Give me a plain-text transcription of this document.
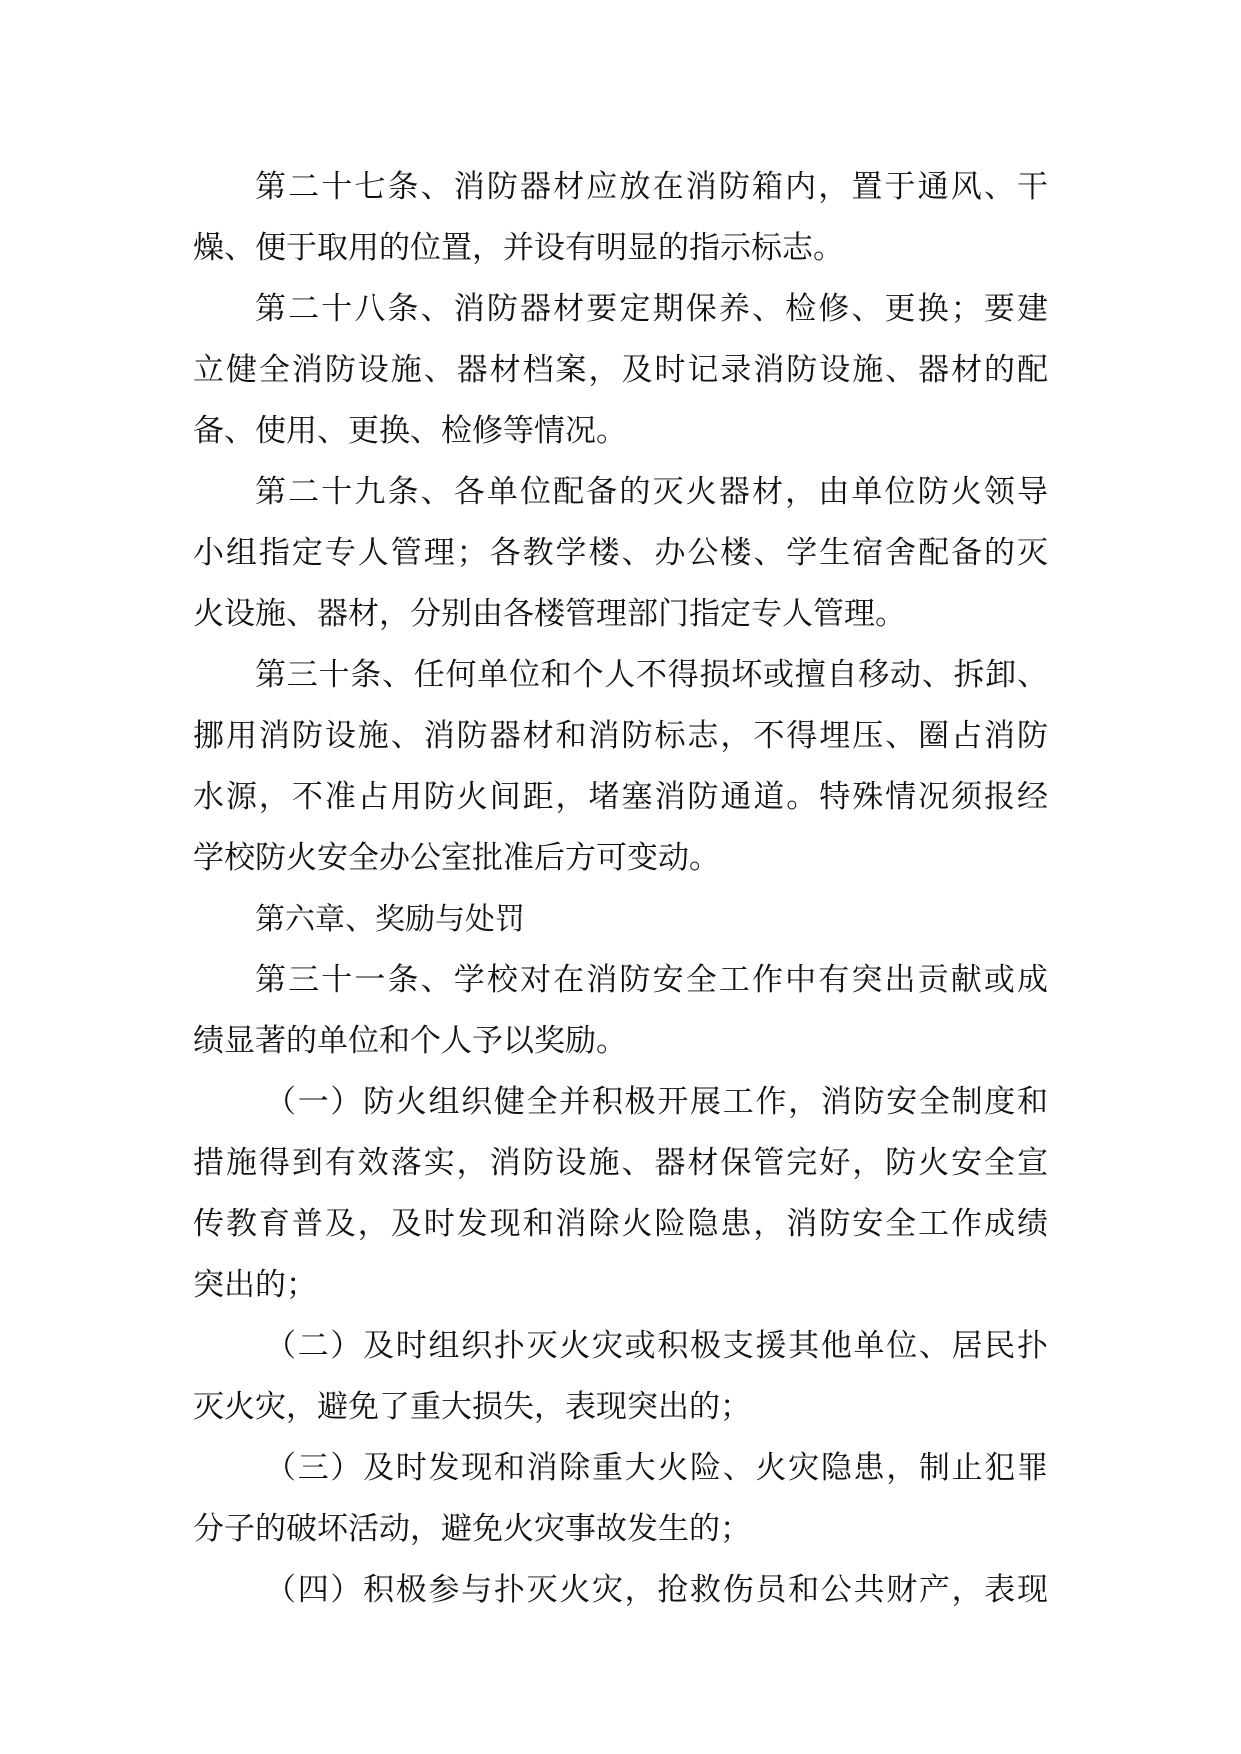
第二十七条、消防器材应放在消防箱内，置于通风、干
燥、便于取用的位置，并设有明显的指示标志。
第二十八条、消防器材要定期保养、检修、更换；要建
立健全消防设施、器材档案，及时记录消防设施、器材的配
备、使用、更换、检修等情况。
第二十九条、各单位配备的灭火器材，由单位防火领导
小组指定专人管理；各教学楼、办公楼、学生宿舍配备的灭
火设施、器材，分别由各楼管理部门指定专人管理。
第三十条、任何单位和个人不得损坏或擅自移动、拆卸、
挪用消防设施、消防器材和消防标志，不得埋压、圈占消防
水源，不准占用防火间距，堵塞消防通道。特殊情况须报经
学校防火安全办公室批准后方可变动。
第六章、奖励与处罚
第三十一条、学校对在消防安全工作中有突出贡献或成
绩显著的单位和个人予以奖励。
（一）防火组织健全并积极开展工作，消防安全制度和
措施得到有效落实，消防设施、器材保管完好，防火安全宣
传教育普及，及时发现和消除火险隐患，消防安全工作成绩
突出的；
（二）及时组织扑灭火灾或积极支援其他单位、居民扑
灭火灾，避免了重大损失，表现突出的；
（三）及时发现和消除重大火险、火灾隐患，制止犯罪
分子的破坏活动，避免火灾事故发生的；
（四）积极参与扑灭火灾，抢救伤员和公共财产，表现
